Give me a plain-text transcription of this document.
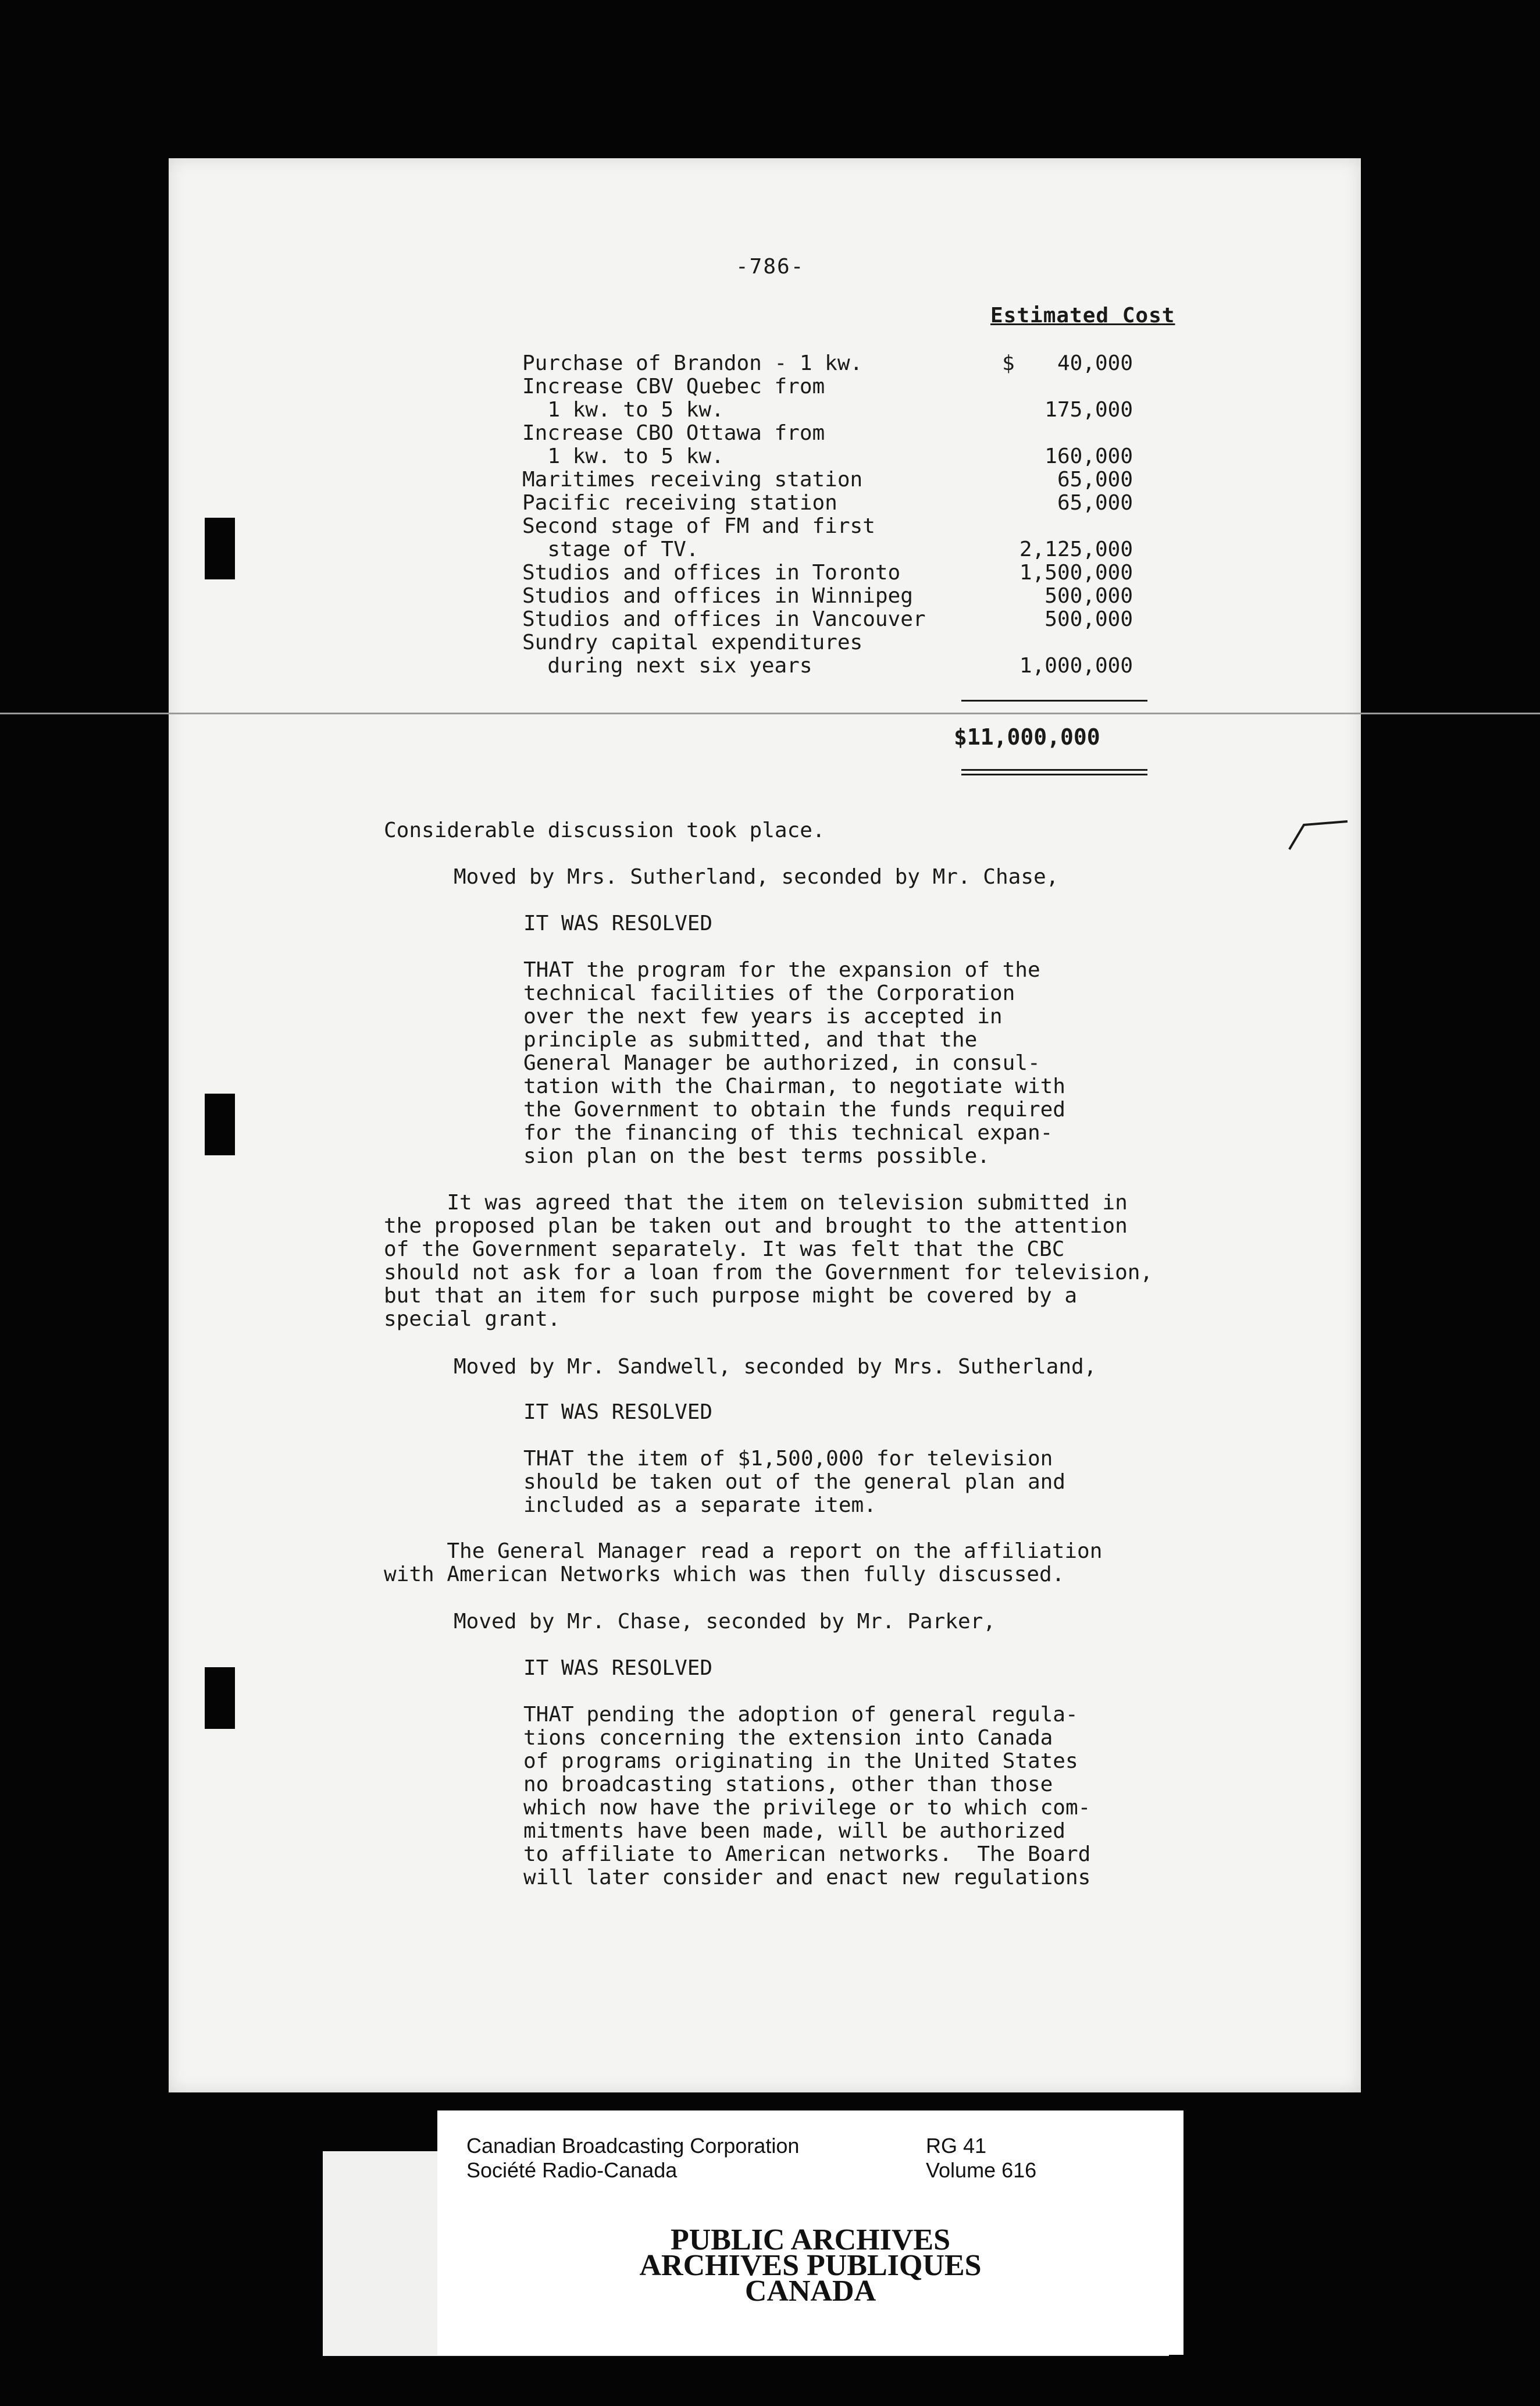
-786-
Estimated Cost
Purchase of Brandon - 1 kw.	$ 40,000
Increase CBV Quebec from
1 kw. to 5 kw.	175,000
Increase CBO Ottawa from
1 kw. to 5 kw.	160,000
Maritimes receiving station	65,000
Pacific receiving station	65,000
Second stage of FM and first
stage of TV.	2,125,000
Studios and offices in Toronto	1,500,000
Studios and offices in Winnipeg	500,000
Studios and offices in Vancouver	500,000
Sundry capital expenditures
during next six years	1,000,000
$11,000,000
Considerable discussion took place.
Moved by Mrs. Sutherland, seconded by Mr. Chase,
IT WAS RESOLVED
THAT the program for the expansion of the
technical facilities of the Corporation
over the next few years is accepted in
principle as submitted, and that the
General Manager be authorized, in consul-
tation with the Chairman, to negotiate with
the Government to obtain the funds required
for the financing of this technical expan-
sion plan on the best terms possible.
It was agreed that the item on television submitted in
the proposed plan be taken out and brought to the attention
of the Government separately. It was felt that the CBC
should not ask for a loan from the Government for television,
but that an item for such purpose might be covered by a
special grant.
Moved by Mr. Sandwell, seconded by Mrs. Sutherland,
IT WAS RESOLVED
THAT the item of $1,500,000 for television
should be taken out of the general plan and
included as a separate item.
The General Manager read a report on the affiliation
with American Networks which was then fully discussed.
Moved by Mr. Chase, seconded by Mr. Parker,
IT WAS RESOLVED
THAT pending the adoption of general regula-
tions concerning the extension into Canada
of programs originating in the United States
no broadcasting stations, other than those
which now have the privilege or to which com-
mitments have been made, will be authorized
to affiliate to American networks.  The Board
will later consider and enact new regulations
Canadian Broadcasting Corporation
Société Radio-Canada
RG 41
Volume 616
PUBLIC ARCHIVES
ARCHIVES PUBLIQUES
CANADA
